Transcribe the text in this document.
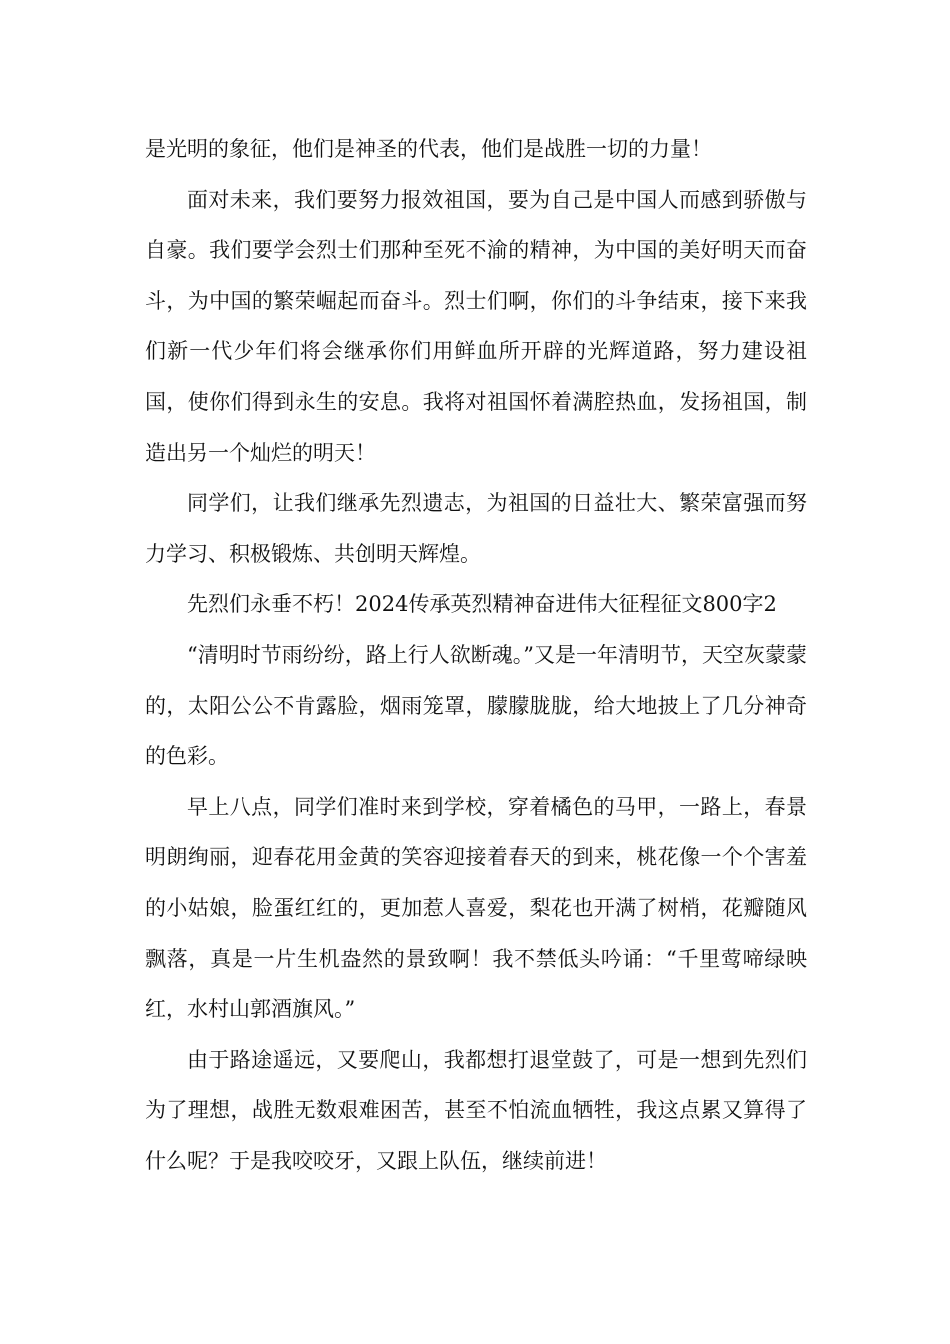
是光明的象征，他们是神圣的代表，他们是战胜一切的力量！

面对未来，我们要努力报效祖国，要为自己是中国人而感到骄傲与自豪。我们要学会烈士们那种至死不渝的精神，为中国的美好明天而奋斗，为中国的繁荣崛起而奋斗。烈士们啊，你们的斗争结束，接下来我们新一代少年们将会继承你们用鲜血所开辟的光辉道路，努力建设祖国，使你们得到永生的安息。我将对祖国怀着满腔热血，发扬祖国，制造出另一个灿烂的明天！

同学们，让我们继承先烈遗志，为祖国的日益壮大、繁荣富强而努力学习、积极锻炼、共创明天辉煌。

先烈们永垂不朽！2024传承英烈精神奋进伟大征程征文800字2

“清明时节雨纷纷，路上行人欲断魂。”又是一年清明节，天空灰蒙蒙的，太阳公公不肯露脸，烟雨笼罩，朦朦胧胧，给大地披上了几分神奇的色彩。

早上八点，同学们准时来到学校，穿着橘色的马甲，一路上，春景明朗绚丽，迎春花用金黄的笑容迎接着春天的到来，桃花像一个个害羞的小姑娘，脸蛋红红的，更加惹人喜爱，梨花也开满了树梢，花瓣随风飘落，真是一片生机盎然的景致啊！我不禁低头吟诵：“千里莺啼绿映红，水村山郭酒旗风。”

由于路途遥远，又要爬山，我都想打退堂鼓了，可是一想到先烈们为了理想，战胜无数艰难困苦，甚至不怕流血牺牲，我这点累又算得了什么呢？于是我咬咬牙，又跟上队伍，继续前进！
